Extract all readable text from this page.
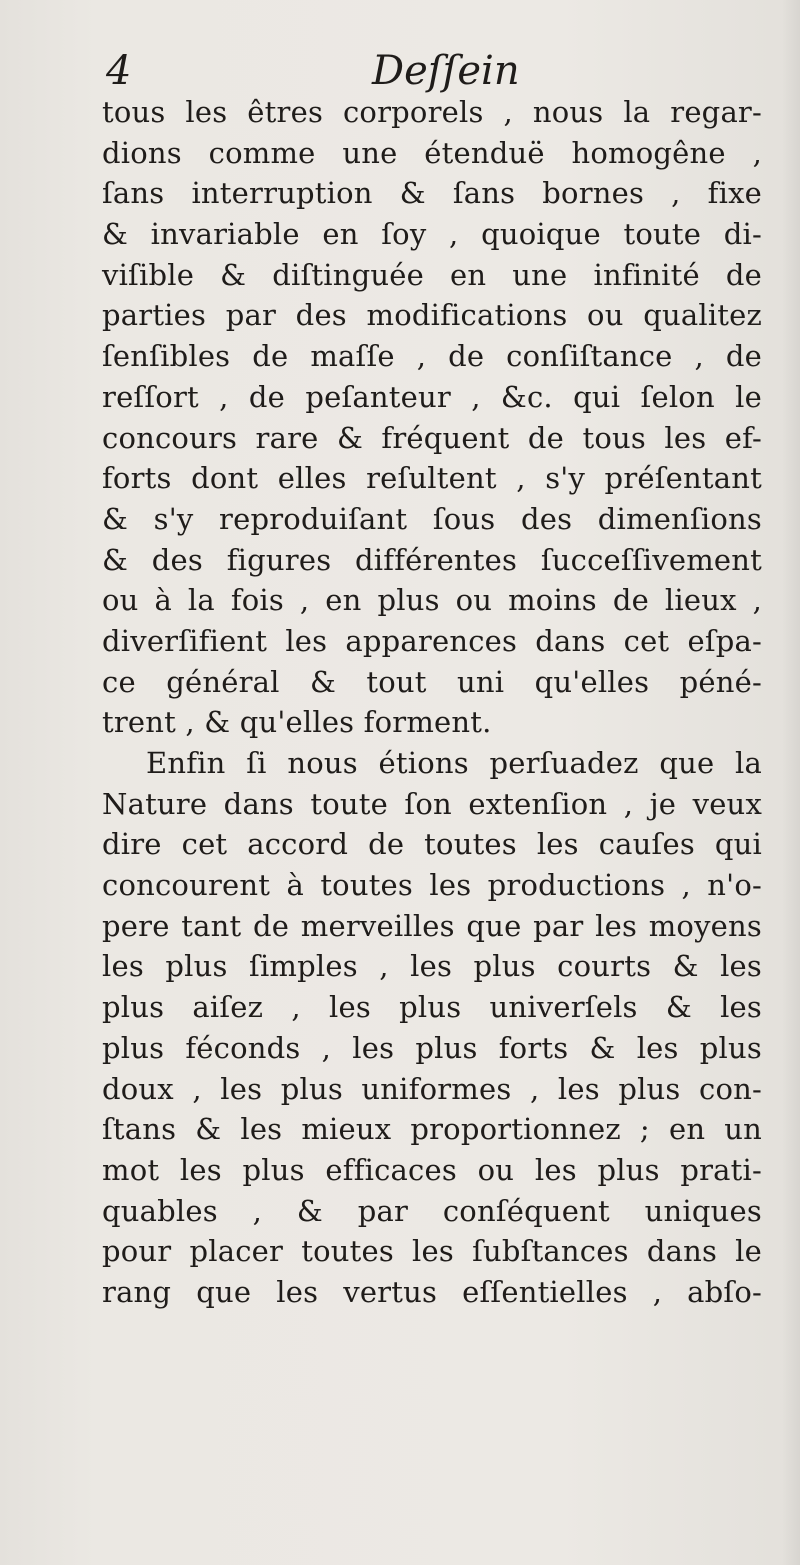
4	Deſſein
tous les êtres corporels , nous la regar-
dions comme une étenduë homogêne ,
ſans interruption & ſans bornes , fixe
& invariable en ſoy , quoique toute di-
viſible & diſtinguée en une infinité de
parties par des modifications ou qualitez
ſenſibles de maſſe , de conſiſtance , de
reſſort , de peſanteur , &c. qui ſelon le
concours rare & fréquent de tous les ef-
forts dont elles reſultent , s'y préſentant
& s'y reproduiſant ſous des dimenſions
& des figures différentes ſucceſſivement
ou à la fois , en plus ou moins de lieux ,
diverſifient les apparences dans cet eſpa-
ce général & tout uni qu'elles péné-
trent , & qu'elles forment.
Enfin ſi nous étions perſuadez que la
Nature dans toute ſon extenſion , je veux
dire cet accord de toutes les cauſes qui
concourent à toutes les productions , n'o-
pere tant de merveilles que par les moyens
les plus ſimples , les plus courts & les
plus aiſez , les plus univerſels & les
plus féconds , les plus forts & les plus
doux , les plus uniformes , les plus con-
ſtans & les mieux proportionnez ; en un
mot les plus efficaces ou les plus prati-
quables , & par conſéquent uniques
pour placer toutes les ſubſtances dans le
rang que les vertus eſſentielles , abſo-
